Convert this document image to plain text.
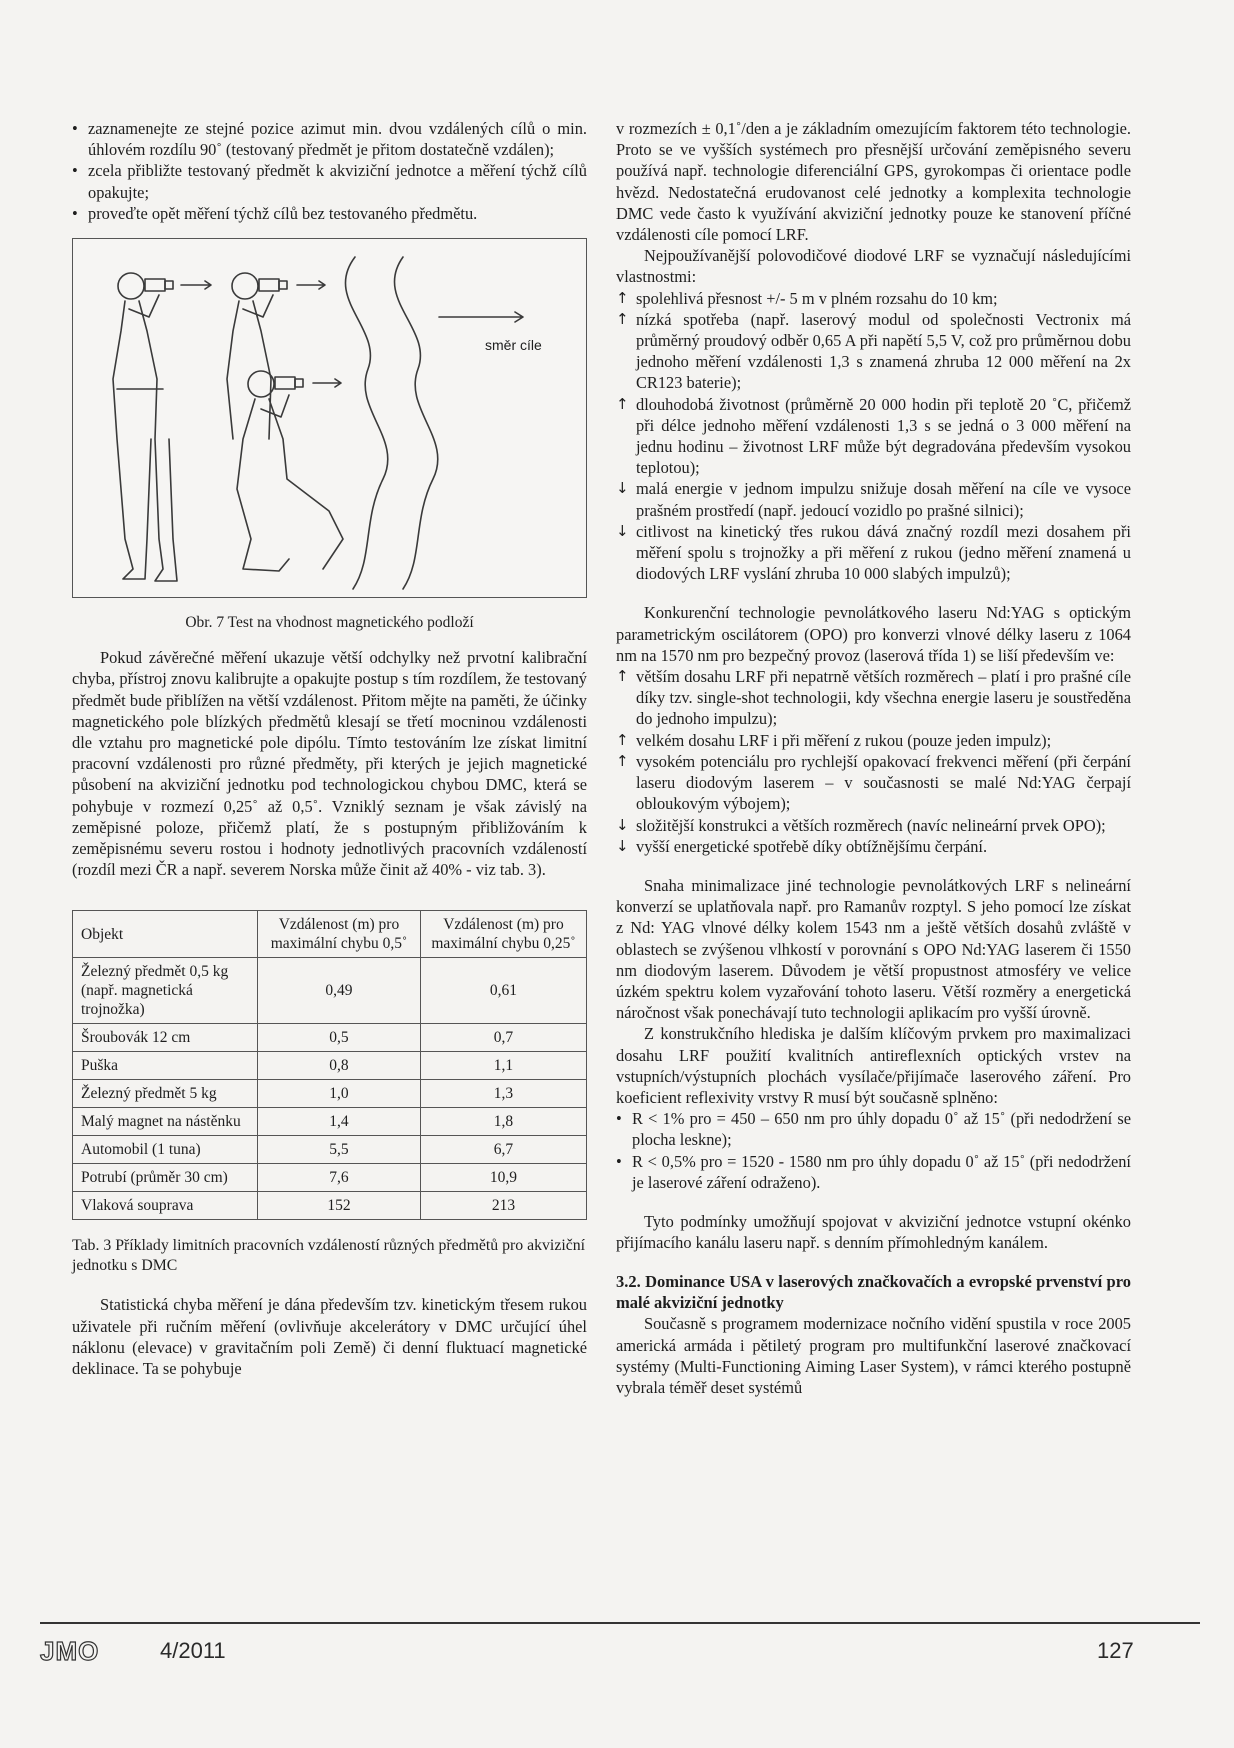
• zaznamenejte ze stejné pozice azimut min. dvou vzdálených cílů o min. úhlovém rozdílu 90˚ (testovaný předmět je přitom dostatečně vzdálen);
• zcela přibližte testovaný předmět k akviziční jednotce a měření týchž cílů opakujte;
• proveďte opět měření týchž cílů bez testovaného předmětu.
směr cíle

Obr. 7 Test na vhodnost magnetického podloží

Pokud závěrečné měření ukazuje větší odchylky než prvotní kalibrační chyba, přístroj znovu kalibrujte a opakujte postup s tím rozdílem, že testovaný předmět bude přiblížen na větší vzdálenost. Přitom mějte na paměti, že účinky magnetického pole blízkých předmětů klesají se třetí mocninou vzdálenosti dle vztahu pro magnetické pole dipólu. Tímto testováním lze získat limitní pracovní vzdálenosti pro různé předměty, při kterých je jejich magnetické působení na akviziční jednotku pod technologickou chybou DMC, která se pohybuje v rozmezí 0,25˚ až 0,5˚. Vzniklý seznam je však závislý na zeměpisné poloze, přičemž platí, že s postupným přibližováním k zeměpisnému severu rostou i hodnoty jednotlivých pracovních vzdáleností (rozdíl mezi ČR a např. severem Norska může činit až 40% - viz tab. 3).

Objekt	Vzdálenost (m) pro maximální chybu 0,5˚	Vzdálenost (m) pro maximální chybu 0,25˚
Železný předmět 0,5 kg (např. magnetická trojnožka)	0,49	0,61
Šroubovák 12 cm	0,5	0,7
Puška	0,8	1,1
Železný předmět 5 kg	1,0	1,3
Malý magnet na nástěnku	1,4	1,8
Automobil (1 tuna)	5,5	6,7
Potrubí (průměr 30 cm)	7,6	10,9
Vlaková souprava	152	213

Tab. 3 Příklady limitních pracovních vzdáleností různých předmětů pro akviziční jednotku s DMC

Statistická chyba měření je dána především tzv. kinetickým třesem rukou uživatele při ručním měření (ovlivňuje akcelerátory v DMC určující úhel náklonu (elevace) v gravitačním poli Země) či denní fluktuací magnetické deklinace. Ta se pohybuje

v rozmezích ± 0,1˚/den a je základním omezujícím faktorem této technologie. Proto se ve vyšších systémech pro přesnější určování zeměpisného severu používá např. technologie diferenciální GPS, gyrokompas či orientace podle hvězd. Nedostatečná erudovanost celé jednotky a komplexita technologie DMC vede často k využívání akviziční jednotky pouze ke stanovení příčné vzdálenosti cíle pomocí LRF.

Nejpoužívanější polovodičové diodové LRF se vyznačují následujícími vlastnostmi:

↑ spolehlivá přesnost +/- 5 m v plném rozsahu do 10 km;
↑ nízká spotřeba (např. laserový modul od společnosti Vectronix má průměrný proudový odběr 0,65 A při napětí 5,5 V, což pro průměrnou dobu jednoho měření vzdálenosti 1,3 s znamená zhruba 12 000 měření na 2x CR123 baterie);
↑ dlouhodobá životnost (průměrně 20 000 hodin při teplotě 20 ˚C, přičemž při délce jednoho měření vzdálenosti 1,3 s se jedná o 3 000 měření na jednu hodinu – životnost LRF může být degradována především vysokou teplotou);
↓ malá energie v jednom impulzu snižuje dosah měření na cíle ve vysoce prašném prostředí (např. jedoucí vozidlo po prašné silnici);
↓ citlivost na kinetický třes rukou dává značný rozdíl mezi dosahem při měření spolu s trojnožky a při měření z rukou (jedno měření znamená u diodových LRF vyslání zhruba 10 000 slabých impulzů);

Konkurenční technologie pevnolátkového laseru Nd:YAG s optickým parametrickým oscilátorem (OPO) pro konverzi vlnové délky laseru z 1064 nm na 1570 nm pro bezpečný provoz (laserová třída 1) se liší především ve:

↑ větším dosahu LRF při nepatrně větších rozměrech – platí i pro prašné cíle díky tzv. single-shot technologii, kdy všechna energie laseru je soustředěna do jednoho impulzu);
↑ velkém dosahu LRF i při měření z rukou (pouze jeden impulz);
↑ vysokém potenciálu pro rychlejší opakovací frekvenci měření (při čerpání laseru diodovým laserem – v současnosti se malé Nd:YAG čerpají obloukovým výbojem);
↓ složitější konstrukci a větších rozměrech (navíc nelineární prvek OPO);
↓ vyšší energetické spotřebě díky obtížnějšímu čerpání.

Snaha minimalizace jiné technologie pevnolátkových LRF s nelineární konverzí se uplatňovala např. pro Ramanův rozptyl. S jeho pomocí lze získat z Nd: YAG vlnové délky kolem 1543 nm a ještě větších dosahů zvláště v oblastech se zvýšenou vlhkostí v porovnání s OPO Nd:YAG laserem či 1550 nm diodovým laserem. Důvodem je větší propustnost atmosféry ve velice úzkém spektru kolem vyzařování tohoto laseru. Větší rozměry a energetická náročnost však ponechávají tuto technologii aplikacím pro vyšší úrovně.

Z konstrukčního hlediska je dalším klíčovým prvkem pro maximalizaci dosahu LRF použití kvalitních antireflexních optických vrstev na vstupních/výstupních plochách vysílače/přijímače laserového záření. Pro koeficient reflexivity vrstvy R musí být současně splněno:

• R < 1% pro = 450 – 650 nm pro úhly dopadu 0˚ až 15˚ (při nedodržení se plocha leskne);
• R < 0,5% pro = 1520 - 1580 nm pro úhly dopadu 0˚ až 15˚ (při nedodržení je laserové záření odraženo).

Tyto podmínky umožňují spojovat v akviziční jednotce vstupní okénko přijímacího kanálu laseru např. s denním přímohledným kanálem.

3.2. Dominance USA v laserových značkovačích a evropské prvenství pro malé akviziční jednotky

Současně s programem modernizace nočního vidění spustila v roce 2005 americká armáda i pětiletý program pro multifunkční laserové značkovací systémy (Multi-Functioning Aiming Laser System), v rámci kterého postupně vybrala téměř deset systémů

JMO	4/2011	127
